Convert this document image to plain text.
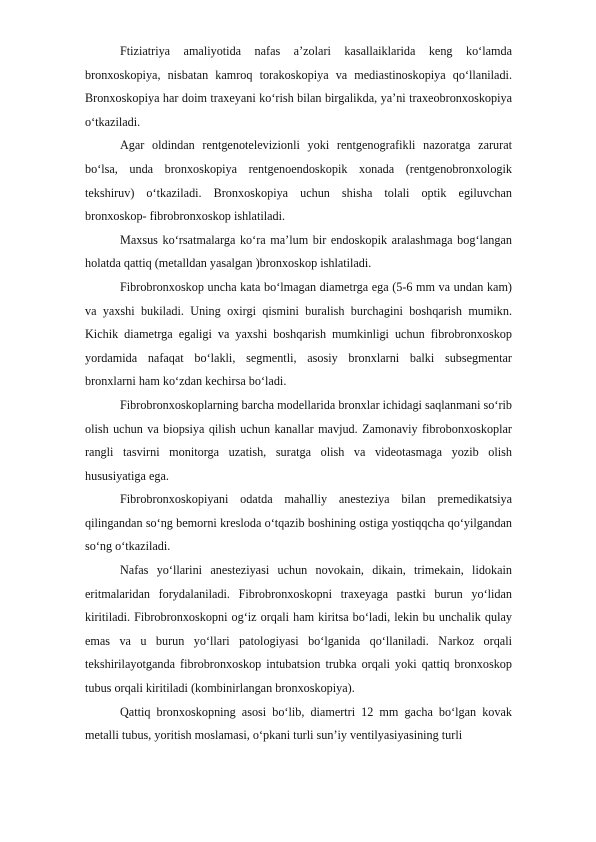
Ftiziatriya amaliyotida nafas a’zolari kasallaiklarida keng ko‘lamda bronxoskopiya, nisbatan kamroq torakoskopiya va mediastinoskopiya qo‘llaniladi. Bronxoskopiya har doim traxeyani ko‘rish bilan birgalikda, ya’ni traxeobronxoskopiya o‘tkaziladi.

Agar oldindan rentgenotelevizionli yoki rentgenografikli nazoratga zarurat bo‘lsa, unda bronxoskopiya rentgenoendoskopik xonada (rentgenobronxologik tekshiruv) o‘tkaziladi. Bronxoskopiya uchun shisha tolali optik egiluvchan bronxoskop- fibrobronxoskop ishlatiladi.

Maxsus ko‘rsatmalarga ko‘ra ma’lum bir endoskopik aralashmaga bog‘langan holatda qattiq (metalldan yasalgan )bronxoskop ishlatiladi.

Fibrobronxoskop uncha kata bo‘lmagan diametrga ega (5-6 mm va undan kam) va yaxshi bukiladi. Uning oxirgi qismini buralish burchagini boshqarish mumikn. Kichik diametrga egaligi va yaxshi boshqarish mumkinligi uchun fibrobronxoskop yordamida nafaqat bo‘lakli, segmentli, asosiy bronxlarni balki subsegmentar bronxlarni ham ko‘zdan kechirsa bo‘ladi.

Fibrobronxoskoplarning barcha modellarida bronxlar ichidagi saqlanmani so‘rib olish uchun va biopsiya qilish uchun kanallar mavjud. Zamonaviy fibrobonxoskoplar rangli tasvirni monitorga uzatish, suratga olish va videotasmaga yozib olish hususiyatiga ega.

Fibrobronxoskopiyani odatda mahalliy anesteziya bilan premedikatsiya qilingandan so‘ng bemorni kresloda o‘tqazib boshining ostiga yostiqqcha qo‘yilgandan so‘ng o‘tkaziladi.

Nafas yo‘llarini anesteziyasi uchun novokain, dikain, trimekain, lidokain eritmalaridan forydalaniladi. Fibrobronxoskopni traxeyaga pastki burun yo‘lidan kiritiladi. Fibrobronxoskopni og‘iz orqali ham kiritsa bo‘ladi, lekin bu unchalik qulay emas va u burun yo‘llari patologiyasi bo‘lganida qo‘llaniladi. Narkoz orqali tekshirilayotganda fibrobronxoskop intubatsion trubka orqali yoki qattiq bronxoskop tubus orqali kiritiladi (kombinirlangan bronxoskopiya).

Qattiq bronxoskopning asosi bo‘lib, diamertri 12 mm gacha bo‘lgan kovak metalli tubus, yoritish moslamasi, o‘pkani turli sun’iy ventilyasiyasining turli
